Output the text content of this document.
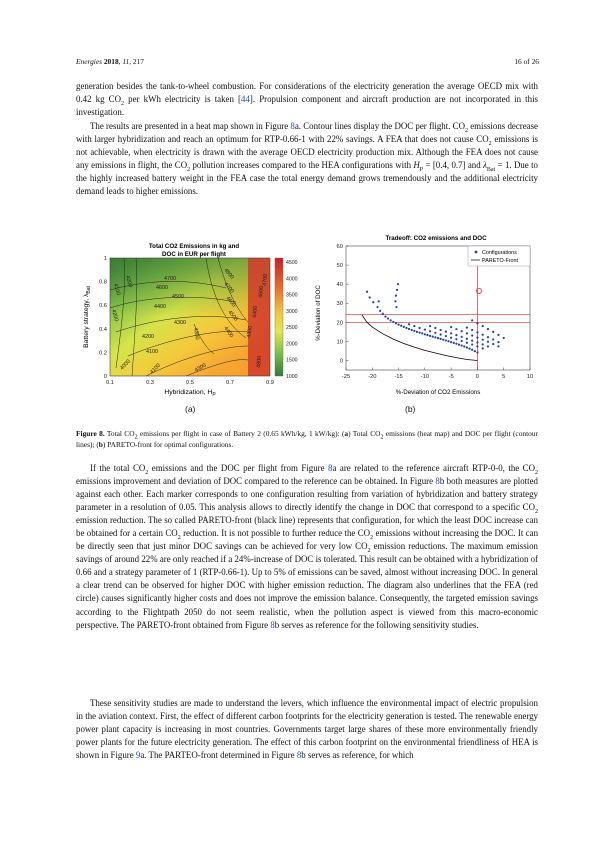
Energies 2018, 11, 217	16 of 26

generation besides the tank-to-wheel combustion. For considerations of the electricity generation the average OECD mix with 0.42 kg $CO_2$ per kWh electricity is taken [44]. Propulsion component and aircraft production are not incorporated in this investigation.

The results are presented in a heat map shown in Figure 8a. Contour lines display the DOC per flight. $CO_2$ emissions decrease with larger hybridization and reach an optimum for RTP-0.66-1 with 22% savings. A FEA that does not cause $CO_2$ emissions is not achievable, when electricity is drawn with the average OECD electricity production mix. Although the FEA does not cause any emissions in flight, the $CO_2$ pollution increases compared to the HEA configurations with $H_P = [0.4$, 0.7] and $\lambda_{Bat} = 1$. Due to the highly increased battery weight in the FEA case the total energy demand grows tremendously and the additional electricity demand leads to higher emissions.

Total CO2 Emissions in kg and
DOC in EUR per flight
4700
4600
4500
4400
4300
4200
4100
4000	4100	4300
4800
4700
4600
4500
4400
4300
4200
4100
4200
4300
4400
4600
4700
4800
0
0.2
0.4
0.6
0.8
1
0.1	0.3	0.5	0.7	0.9
Hybridization, $H_P$
Battery strategy, $\lambda_{Bat}$
4500
4000
3500
3000
2500
2000
1500
1000
Tradeoff: CO2 emissions and DOC
0
10
20
30
40
50
60
-25	-20	-15	-10	-5	0	5	10
%-Deviation of CO2 Emissions
%-Deviation of DOC
Configurations
PARETO-Front
(a)	(b)

Figure 8. Total $CO_2$ emissions per flight in case of Battery 2 (0.65 kWh/kg, 1 kW/kg): (a) Total $CO_2$ emissions (heat map) and DOC per flight (contour lines); (b) PARETO-front for optimal configurations.

If the total $CO_2$ emissions and the DOC per flight from Figure 8a are related to the reference aircraft RTP-0-0, the $CO_2$ emissions improvement and deviation of DOC compared to the reference can be obtained. In Figure 8b both measures are plotted against each other. Each marker corresponds to one configuration resulting from variation of hybridization and battery strategy parameter in a resolution of 0.05. This analysis allows to directly identify the change in DOC that correspond to a specific $CO_2$ emission reduction. The so called PARETO-front (black line) represents that configuration, for which the least DOC increase can be obtained for a certain $CO_2$ reduction. It is not possible to further reduce the $CO_2$ emissions without increasing the DOC. It can be directly seen that just minor DOC savings can be achieved for very low $CO_2$ emission reductions. The maximum emission savings of around 22% are only reached if a 24%-increase of DOC is tolerated. This result can be obtained with a hybridization of 0.66 and a strategy parameter of 1 (RTP-0.66-1). Up to 5% of emissions can be saved, almost without increasing DOC. In general a clear trend can be observed for higher DOC with higher emission reduction. The diagram also underlines that the FEA (red circle) causes significantly higher costs and does not improve the emission balance. Consequently, the targeted emission savings according to the Flightpath 2050 do not seem realistic, when the pollution aspect is viewed from this macro-economic perspective. The PARETO-front obtained from Figure 8b serves as reference for the following sensitivity studies.

These sensitivity studies are made to understand the levers, which influence the environmental impact of electric propulsion in the aviation context. First, the effect of different carbon footprints for the electricity generation is tested. The renewable energy power plant capacity is increasing in most countries. Governments target large shares of these more environmentally friendly power plants for the future electricity generation. The effect of this carbon footprint on the environmental friendliness of HEA is shown in Figure 9a. The PARTEO-front determined in Figure 8b serves as reference, for which
